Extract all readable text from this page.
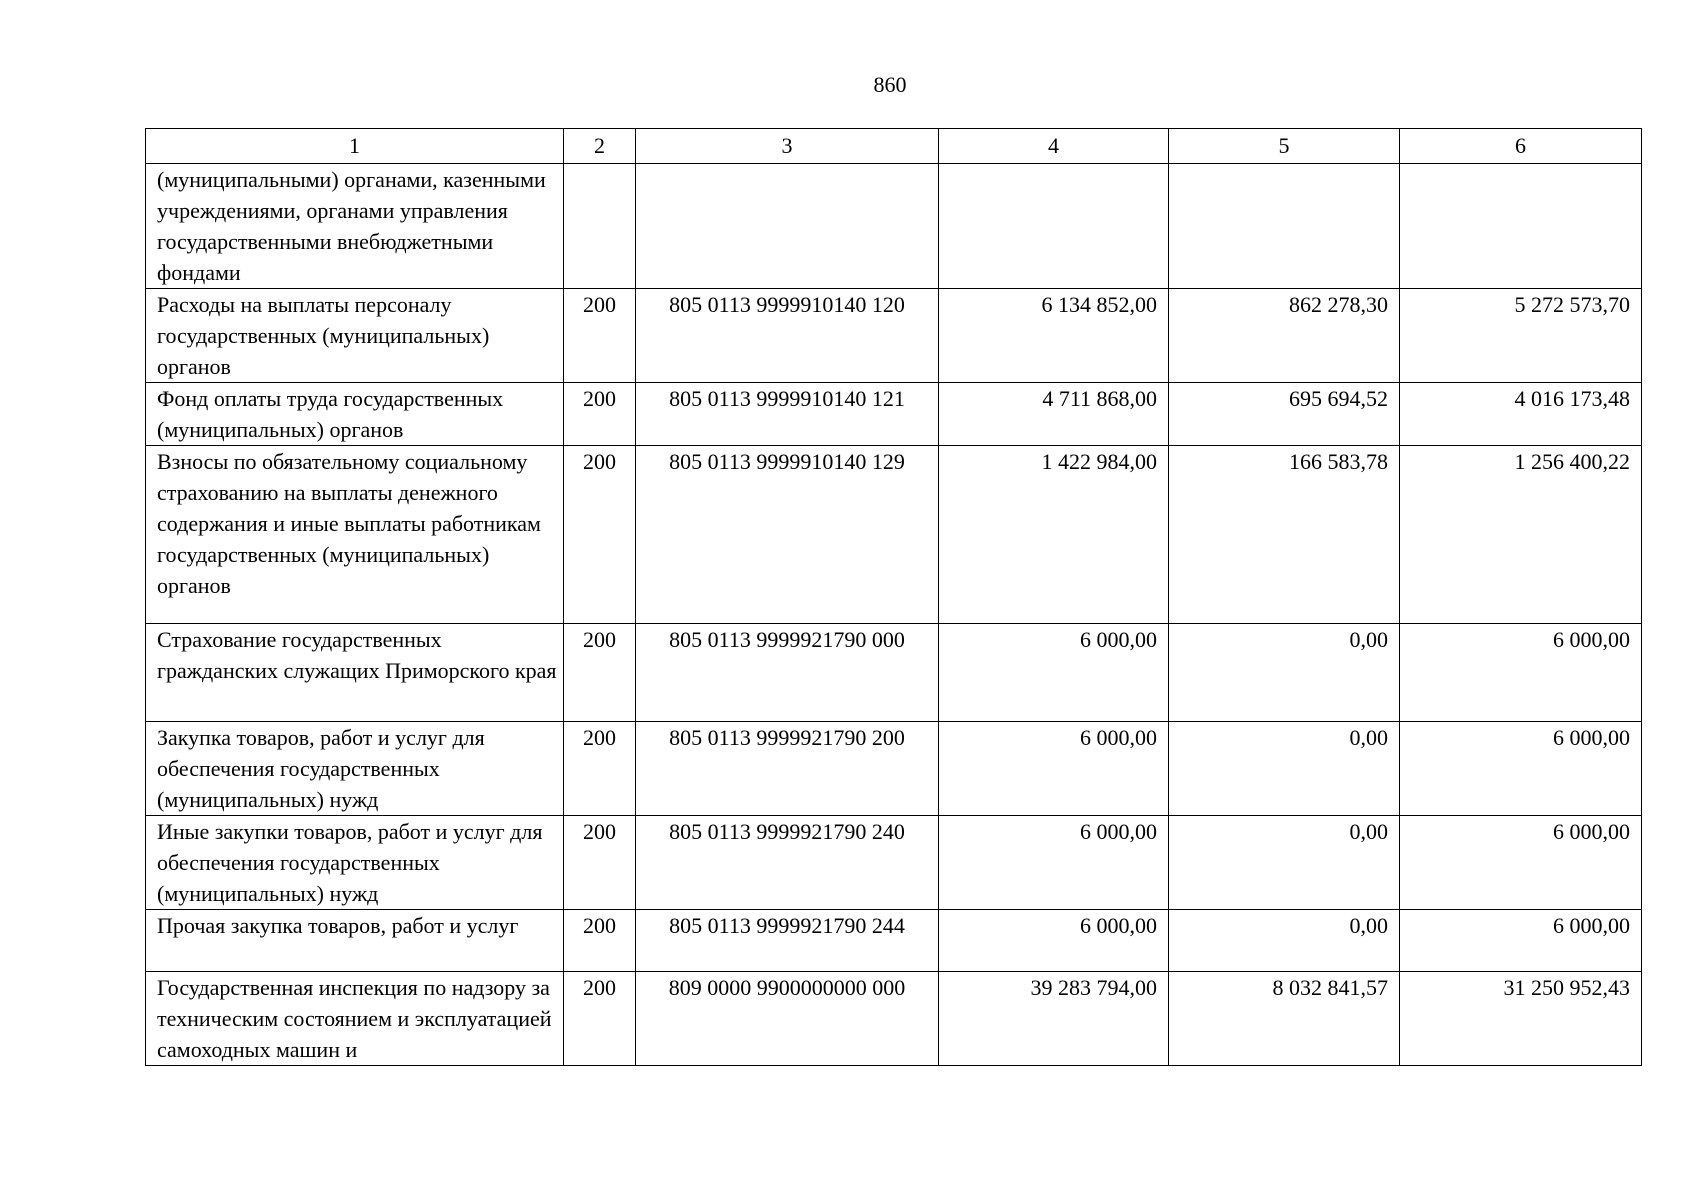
860
1	2	3	4	5	6
(муниципальными) органами, казенными учреждениями, органами управления государственными внебюджетными фондами					
Расходы на выплаты персоналу государственных (муниципальных) органов	200	805 0113 9999910140 120	6 134 852,00	862 278,30	5 272 573,70
Фонд оплаты труда государственных (муниципальных) органов	200	805 0113 9999910140 121	4 711 868,00	695 694,52	4 016 173,48
Взносы по обязательному социальному страхованию на выплаты денежного содержания и иные выплаты работникам государственных (муниципальных) органов	200	805 0113 9999910140 129	1 422 984,00	166 583,78	1 256 400,22
Страхование государственных гражданских служащих Приморского края	200	805 0113 9999921790 000	6 000,00	0,00	6 000,00
Закупка товаров, работ и услуг для обеспечения государственных (муниципальных) нужд	200	805 0113 9999921790 200	6 000,00	0,00	6 000,00
Иные закупки товаров, работ и услуг для обеспечения государственных (муниципальных) нужд	200	805 0113 9999921790 240	6 000,00	0,00	6 000,00
Прочая закупка товаров, работ и услуг	200	805 0113 9999921790 244	6 000,00	0,00	6 000,00
Государственная инспекция по надзору за техническим состоянием и эксплуатацией самоходных машин и	200	809 0000 9900000000 000	39 283 794,00	8 032 841,57	31 250 952,43
